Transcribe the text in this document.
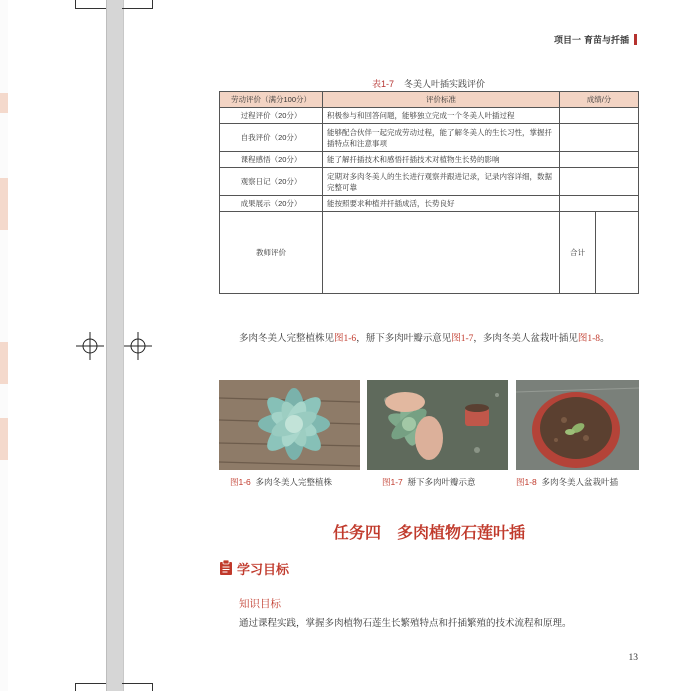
项目一 育苗与扦插
表1-7 冬美人叶插实践评价
劳动评价（满分100分）	评价标准	成绩/分	
过程评价（20分）	积极参与和回答问题，能够独立完成一个冬美人叶插过程		
自我评价（20分）	能够配合伙伴一起完成劳动过程，能了解冬美人的生长习性，掌握扦插特点和注意事项		
课程感悟（20分）	能了解扦插技术和感悟扦插技术对植物生长势的影响		
观察日记（20分）	定期对多肉冬美人的生长进行观察并跟进记录，记录内容详细，数据完整可靠		
成果展示（20分）	能按照要求种植并扦插成活，长势良好		
教师评价		合计	
多肉冬美人完整植株见图1-6，掰下多肉叶瓣示意见图1-7，多肉冬美人盆栽叶插见图1-8。
图1-6 多肉冬美人完整植株	图1-7 掰下多肉叶瓣示意	图1-8 多肉冬美人盆栽叶插
任务四　多肉植物石莲叶插
学习目标
知识目标
通过课程实践，掌握多肉植物石莲生长繁殖特点和扦插繁殖的技术流程和原理。
13
